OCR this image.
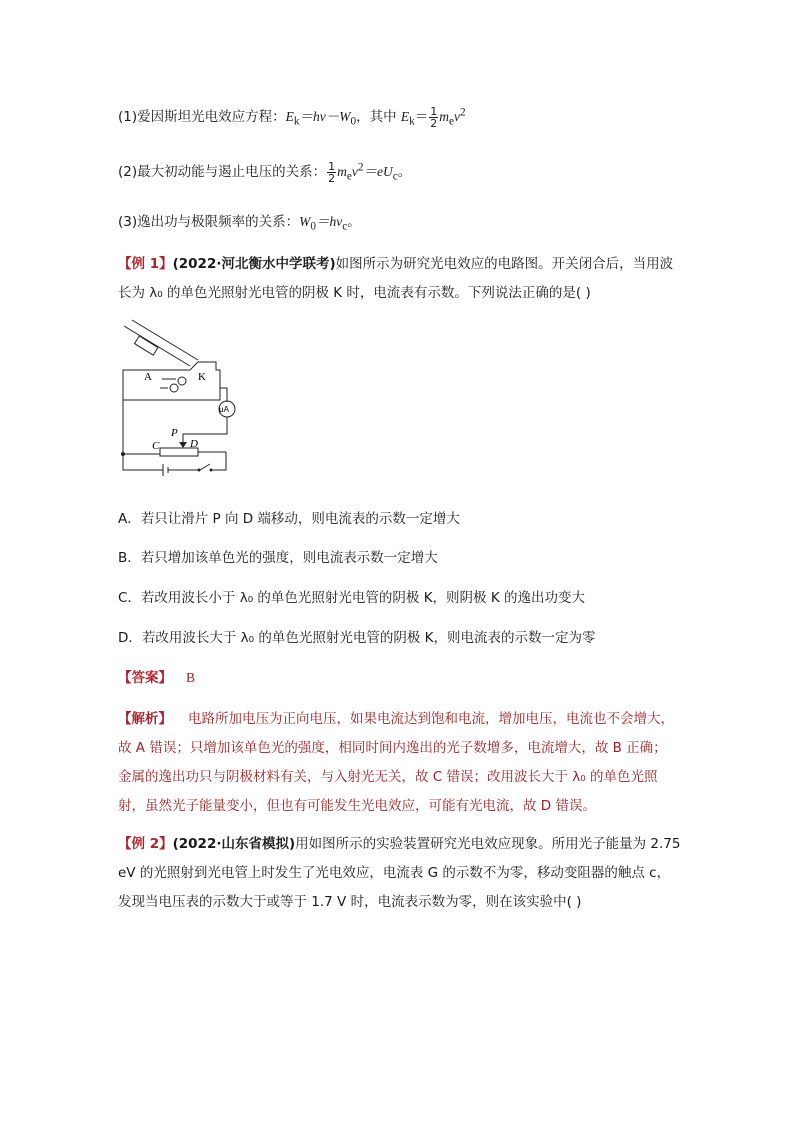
(1)爱因斯坦光电效应方程：$E_k=h\nu-W_0$，其中 $E_k= \frac{1}{2} m_ev^2$
(2)最大初动能与遏止电压的关系： $\frac{1}{2} m_ev^2=eU_c$。
(3)逸出功与极限频率的关系：$W_0=h\nu_c$。
【例 1】(2022·河北衡水中学联考)如图所示为研究光电效应的电路图。开关闭合后，当用波
长为 λ₀ 的单色光照射光电管的阴极 K 时，电流表有示数。下列说法正确的是( )
A	K
μA
P
C	D
A．若只让滑片 P 向 D 端移动，则电流表的示数一定增大
B．若只增加该单色光的强度，则电流表示数一定增大
C．若改用波长小于 λ₀ 的单色光照射光电管的阴极 K，则阴极 K 的逸出功变大
D．若改用波长大于 λ₀ 的单色光照射光电管的阴极 K，则电流表的示数一定为零
【答案】 B
【解析】 电路所加电压为正向电压，如果电流达到饱和电流，增加电压，电流也不会增大，
故 A 错误；只增加该单色光的强度，相同时间内逸出的光子数增多，电流增大，故 B 正确；
金属的逸出功只与阴极材料有关，与入射光无关，故 C 错误；改用波长大于 λ₀ 的单色光照
射，虽然光子能量变小，但也有可能发生光电效应，可能有光电流，故 D 错误。
【例 2】(2022·山东省模拟)用如图所示的实验装置研究光电效应现象。所用光子能量为 2.75
eV 的光照射到光电管上时发生了光电效应，电流表 G 的示数不为零，移动变阻器的触点 c，
发现当电压表的示数大于或等于 1.7 V 时，电流表示数为零，则在该实验中( )
